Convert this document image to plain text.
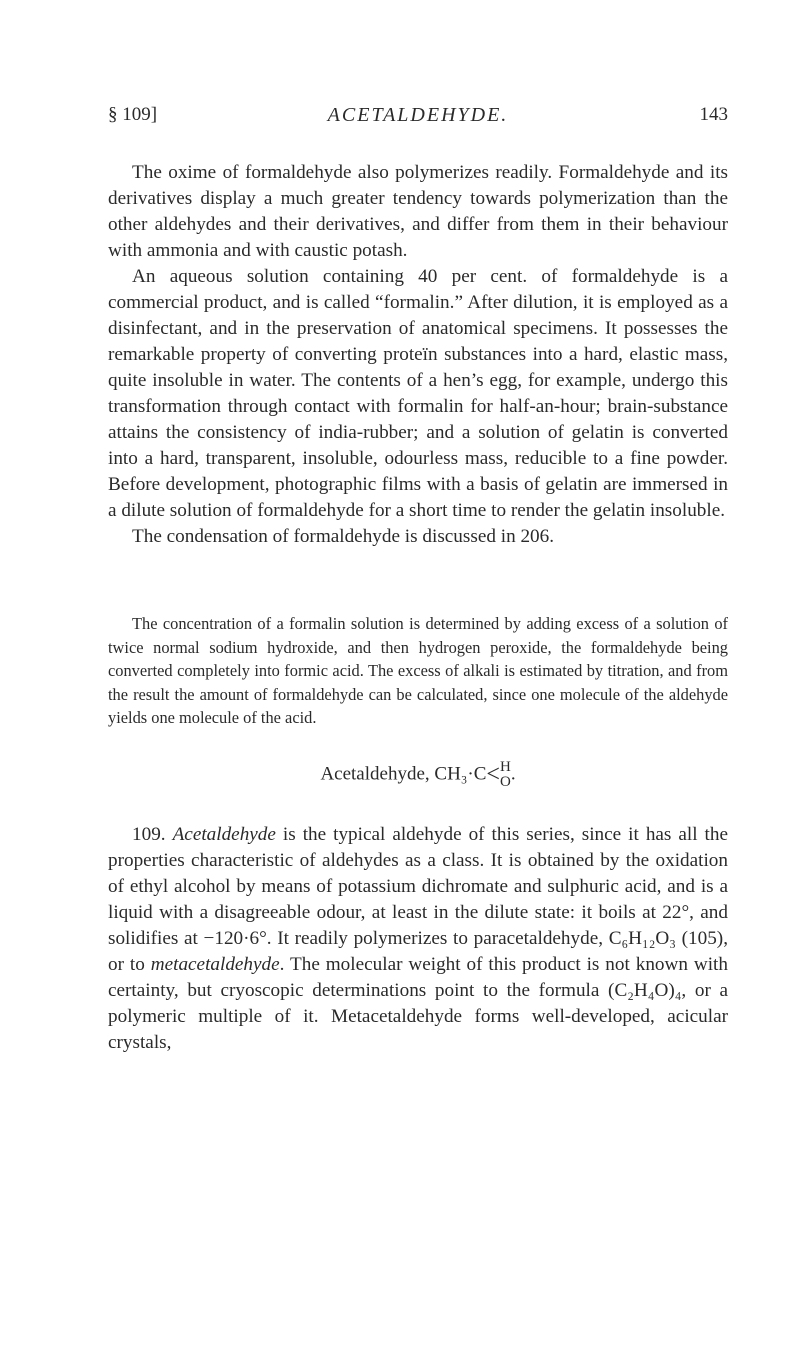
§ 109]	ACETALDEHYDE.	143

The oxime of formaldehyde also polymerizes readily. Formaldehyde and its derivatives display a much greater tendency towards polymerization than the other aldehydes and their derivatives, and differ from them in their behaviour with ammonia and with caustic potash.

An aqueous solution containing 40 per cent. of formaldehyde is a commercial product, and is called “formalin.” After dilution, it is employed as a disinfectant, and in the preservation of anatomical specimens. It possesses the remarkable property of converting proteïn substances into a hard, elastic mass, quite insoluble in water. The contents of a hen’s egg, for example, undergo this transformation through contact with formalin for half-an-hour; brain-substance attains the consistency of india-rubber; and a solution of gelatin is converted into a hard, transparent, insoluble, odourless mass, reducible to a fine powder. Before development, photographic films with a basis of gelatin are immersed in a dilute solution of formaldehyde for a short time to render the gelatin insoluble.

The condensation of formaldehyde is discussed in 206.

The concentration of a formalin solution is determined by adding excess of a solution of twice normal sodium hydroxide, and then hydrogen peroxide, the formaldehyde being converted completely into formic acid. The excess of alkali is estimated by titration, and from the result the amount of formaldehyde can be calculated, since one molecule of the aldehyde yields one molecule of the acid.

Acetaldehyde, CH₃·C<H
O.

109. Acetaldehyde is the typical aldehyde of this series, since it has all the properties characteristic of aldehydes as a class. It is obtained by the oxidation of ethyl alcohol by means of potassium dichromate and sulphuric acid, and is a liquid with a disagreeable odour, at least in the dilute state: it boils at 22°, and solidifies at −120·6°. It readily polymerizes to paracetaldehyde, C₆H₁₂O₃ (105), or to metacetaldehyde. The molecular weight of this product is not known with certainty, but cryoscopic determinations point to the formula (C₂H₄O)₄, or a polymeric multiple of it. Metacetaldehyde forms well-developed, acicular crystals,
